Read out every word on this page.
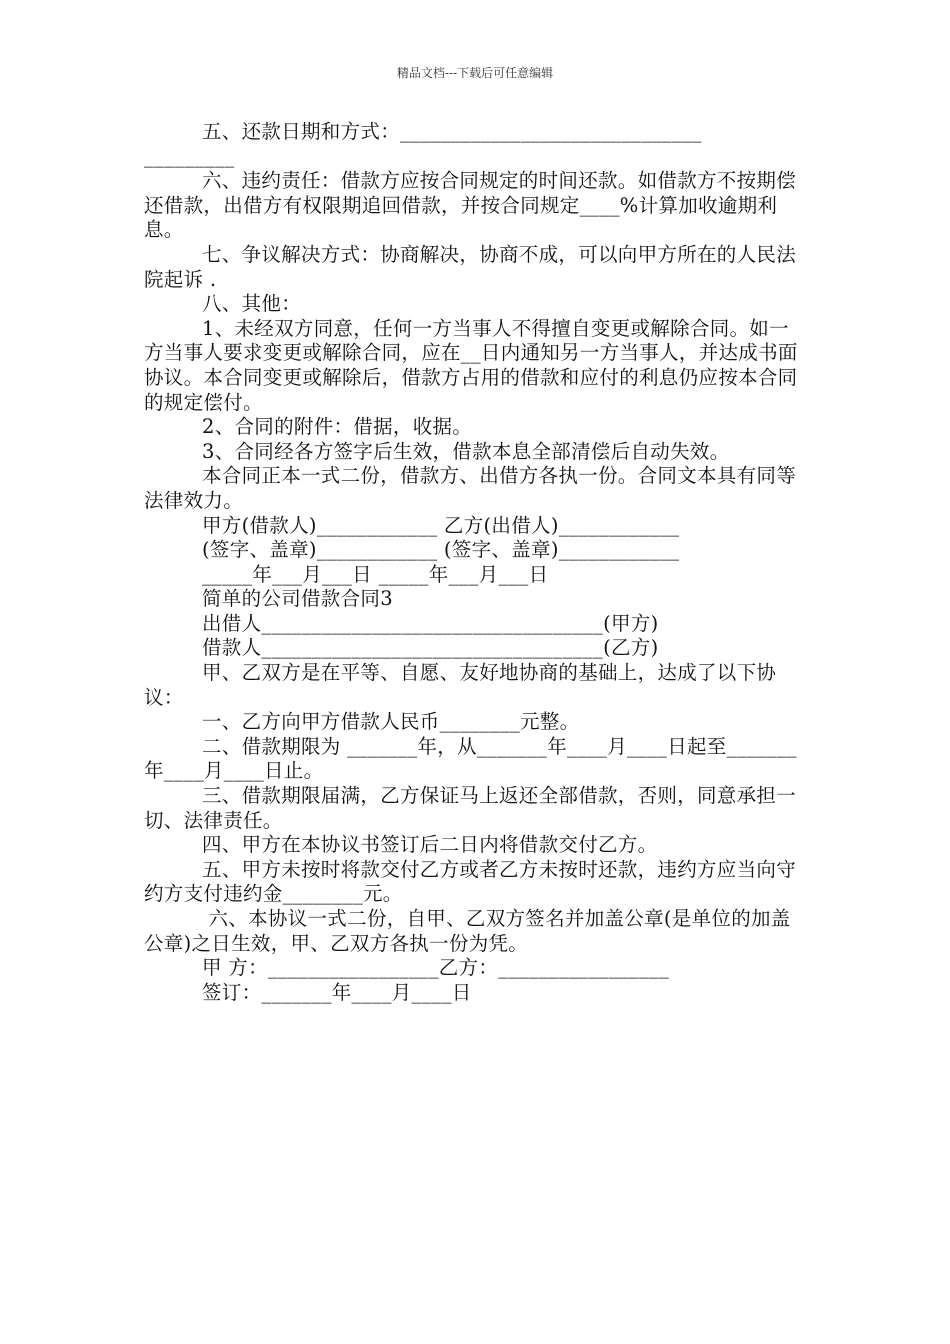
精品文档---下载后可任意编辑

五、还款日期和方式：______________________________

_________

六、违约责任：借款方应按合同规定的时间还款。如借款方不按期偿还借款，出借方有权限期追回借款，并按合同规定____%计算加收逾期利息。

七、争议解决方式：协商解决，协商不成，可以向甲方所在的人民法院起诉 .

八、其他：

1、未经双方同意，任何一方当事人不得擅自变更或解除合同。如一方当事人要求变更或解除合同，应在__日内通知另一方当事人，并达成书面协议。本合同变更或解除后，借款方占用的借款和应付的利息仍应按本合同的规定偿付。

2、合同的附件：借据，收据。

3、合同经各方签字后生效，借款本息全部清偿后自动失效。

本合同正本一式二份，借款方、出借方各执一份。合同文本具有同等法律效力。

甲方(借款人)____________ 乙方(出借人)____________

(签字、盖章)____________ (签字、盖章)____________

_____年___月___日 _____年___月___日

简单的公司借款合同3

出借人__________________________________(甲方)

借款人__________________________________(乙方)

甲、乙双方是在平等、自愿、友好地协商的基础上，达成了以下协议：

一、乙方向甲方借款人民币________元整。

二、借款期限为 _______年，从_______年____月____日起至_______ 年____月____日止。

三、借款期限届满，乙方保证马上返还全部借款，否则，同意承担一切、法律责任。

四、甲方在本协议书签订后二日内将借款交付乙方。

五、甲方未按时将款交付乙方或者乙方未按时还款，违约方应当向守约方支付违约金________元。

六、本协议一式二份，自甲、乙双方签名并加盖公章(是单位的加盖公章)之日生效，甲、乙双方各执一份为凭。

甲 方：_________________乙方：_________________

签订：_______年____月____日
